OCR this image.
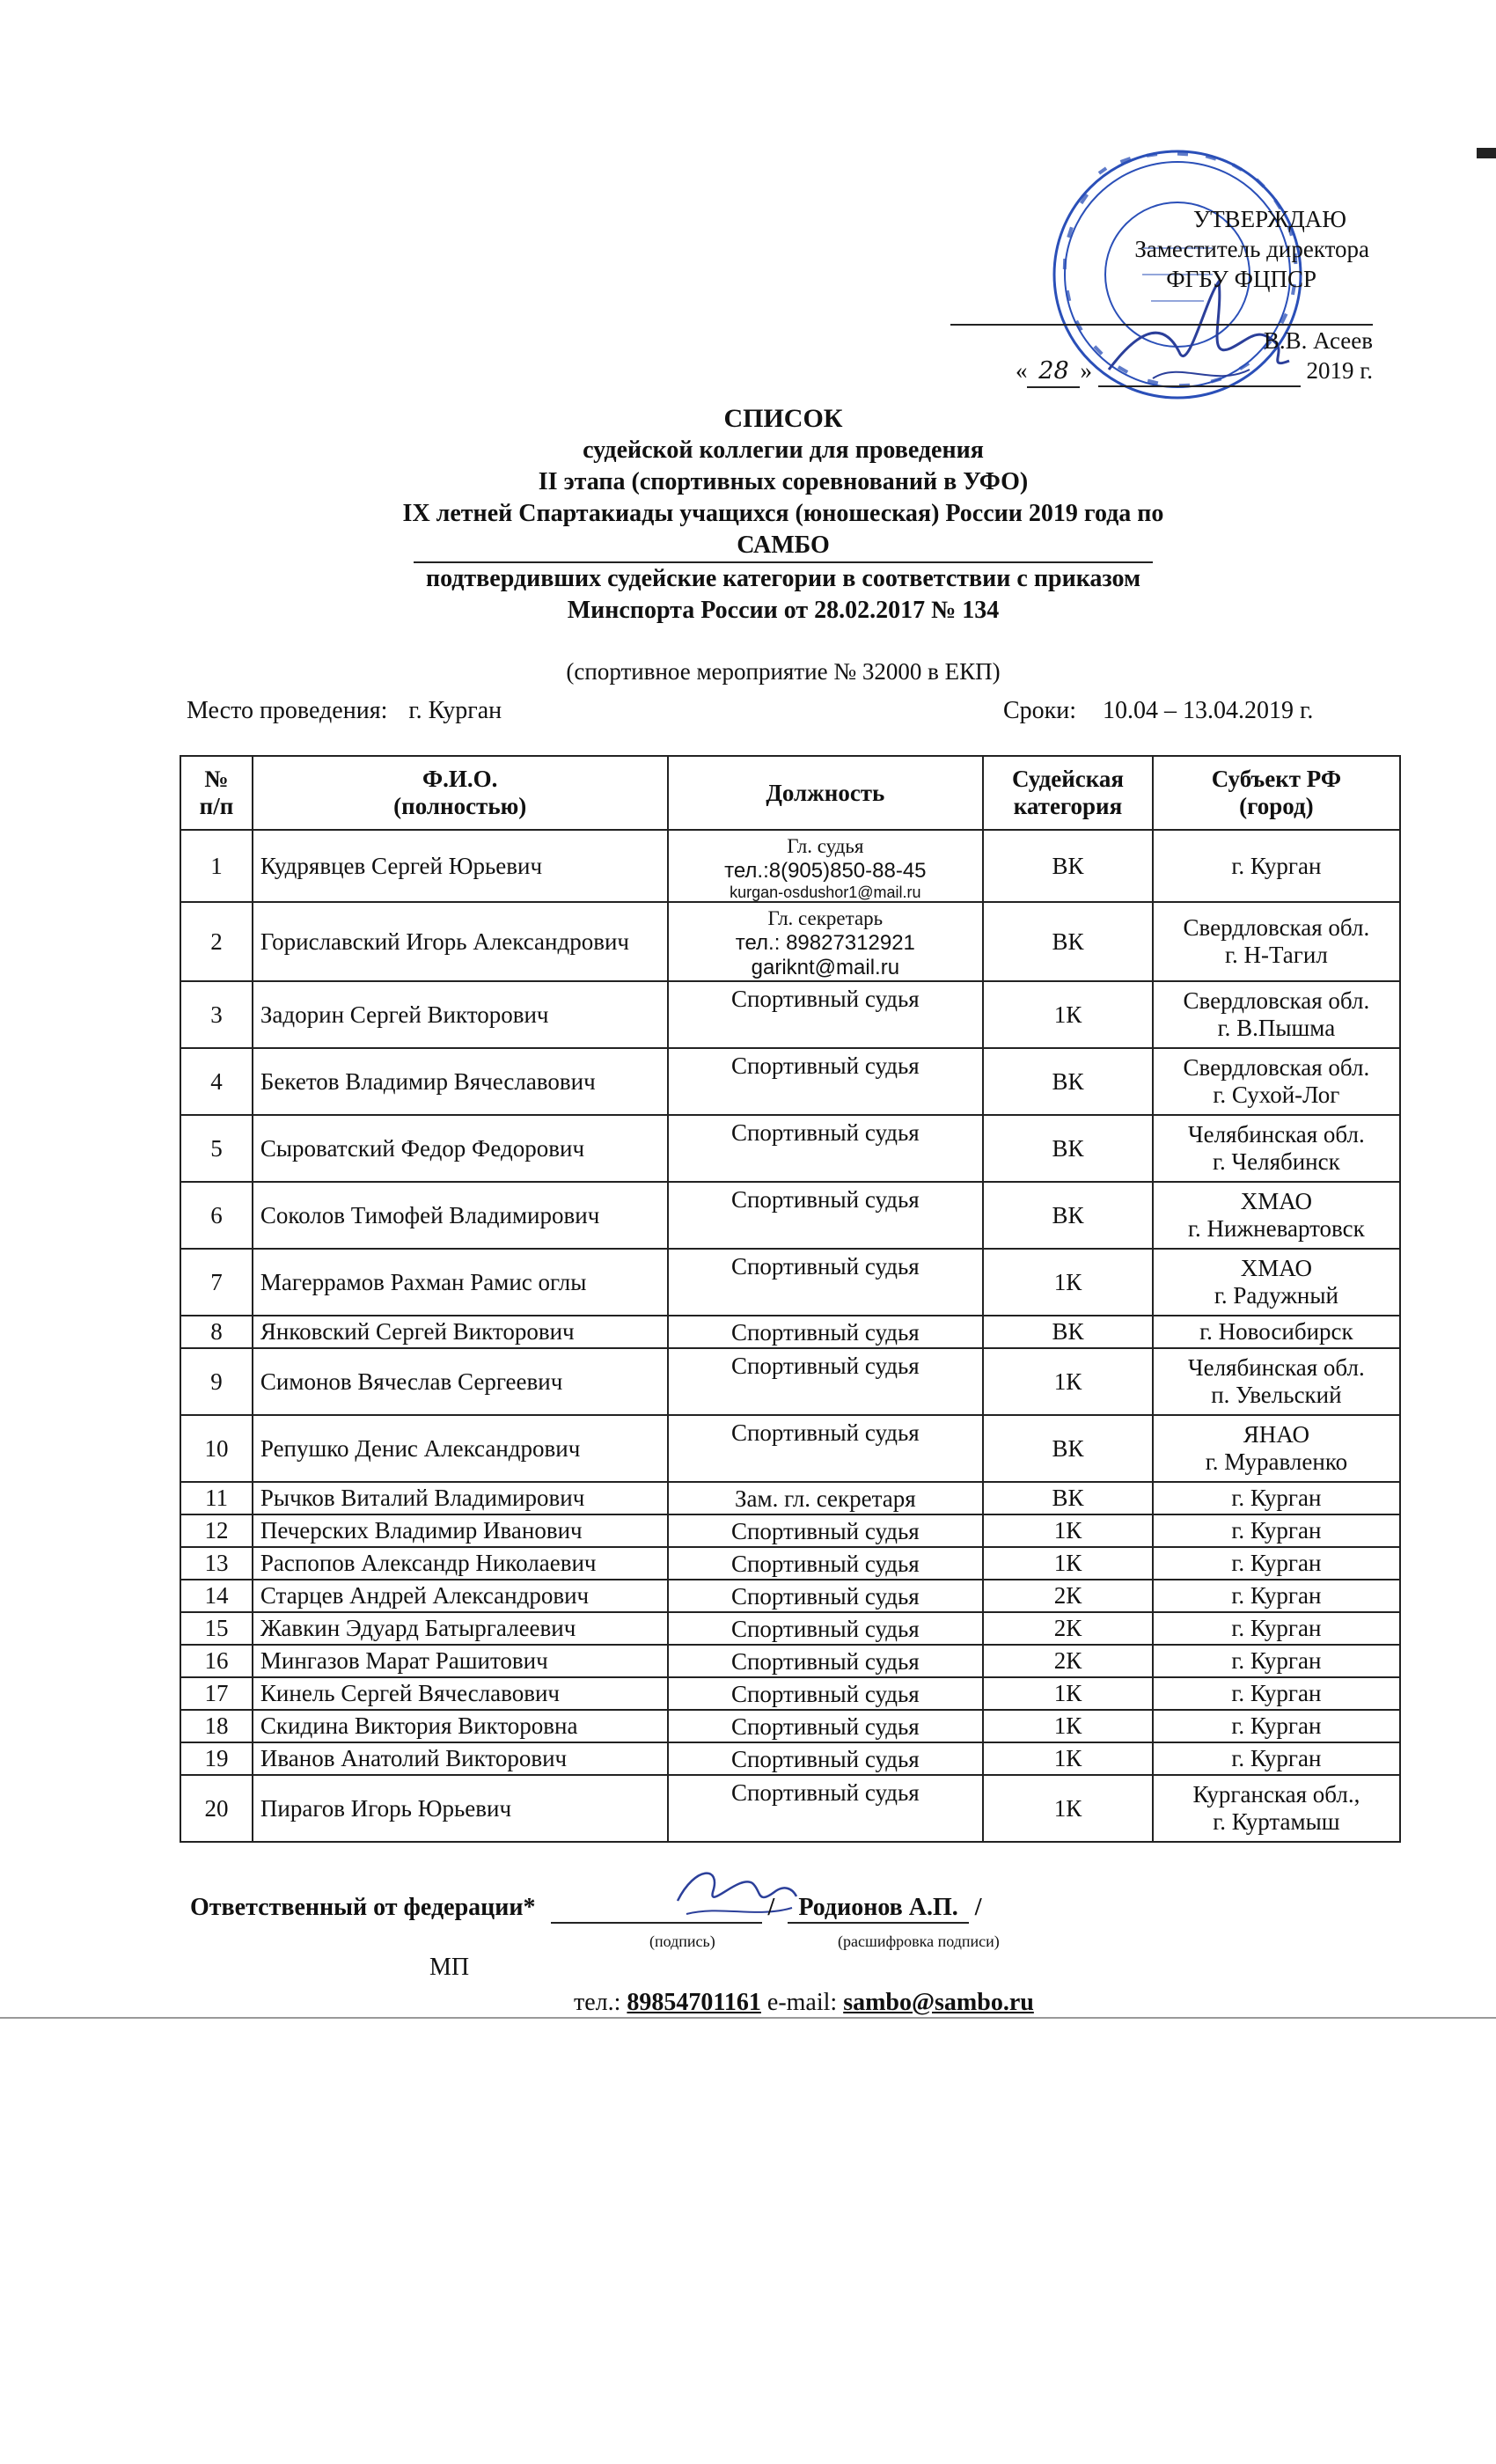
УТВЕРЖДАЮ
Заместитель директора
ФГБУ ФЦПСР
В.В. Асеев
« 28 »	2019 г.
СПИСОК
судейской коллегии для проведения
II этапа (спортивных соревнований в УФО)
IX летней Спартакиады учащихся (юношеская) России 2019 года по
САМБО
подтвердивших судейские категории в соответствии с приказом
Минспорта России от 28.02.2017 № 134
(спортивное мероприятие № 32000 в ЕКП)
Место проведения: г. Курган	Сроки: 10.04 – 13.04.2019 г.
№
п/п	Ф.И.О.
(полностью)	Должность	Судейская
категория	Субъект РФ
(город)
1	Кудрявцев Сергей Юрьевич	Гл. судья
тел.:8(905)850-88-45
kurgan-osdushor1@mail.ru	ВК	г. Курган
2	Гориславский Игорь Александрович	Гл. секретарь
тел.: 89827312921
gariknt@mail.ru	ВК	Свердловская обл.
г. Н-Тагил
3	Задорин Сергей Викторович	Спортивный судья	1К	Свердловская обл.
г. В.Пышма
4	Бекетов Владимир Вячеславович	Спортивный судья	ВК	Свердловская обл.
г. Сухой-Лог
5	Сыроватский Федор Федорович	Спортивный судья	ВК	Челябинская обл.
г. Челябинск
6	Соколов Тимофей Владимирович	Спортивный судья	ВК	ХМАО
г. Нижневартовск
7	Магеррамов Рахман Рамис оглы	Спортивный судья	1К	ХМАО
г. Радужный
8	Янковский Сергей Викторович	Спортивный судья	ВК	г. Новосибирск
9	Симонов Вячеслав Сергеевич	Спортивный судья	1К	Челябинская обл.
п. Увельский
10	Репушко Денис Александрович	Спортивный судья	ВК	ЯНАО
г. Муравленко
11	Рычков Виталий Владимирович	Зам. гл. секретаря	ВК	г. Курган
12	Печерских Владимир Иванович	Спортивный судья	1К	г. Курган
13	Распопов Александр Николаевич	Спортивный судья	1К	г. Курган
14	Старцев Андрей Александрович	Спортивный судья	2К	г. Курган
15	Жавкин Эдуард Батыргалеевич	Спортивный судья	2К	г. Курган
16	Мингазов Марат Рашитович	Спортивный судья	2К	г. Курган
17	Кинель Сергей Вячеславович	Спортивный судья	1К	г. Курган
18	Скидина Виктория Викторовна	Спортивный судья	1К	г. Курган
19	Иванов Анатолий Викторович	Спортивный судья	1К	г. Курган
20	Пирагов Игорь Юрьевич	Спортивный судья	1К	Курганская обл.,
г. Куртамыш
Ответственный от федерации*	/ Родионов А.П. /
(подпись)	(расшифровка подписи)
МП
тел.: 89854701161 e-mail: sambo@sambo.ru
